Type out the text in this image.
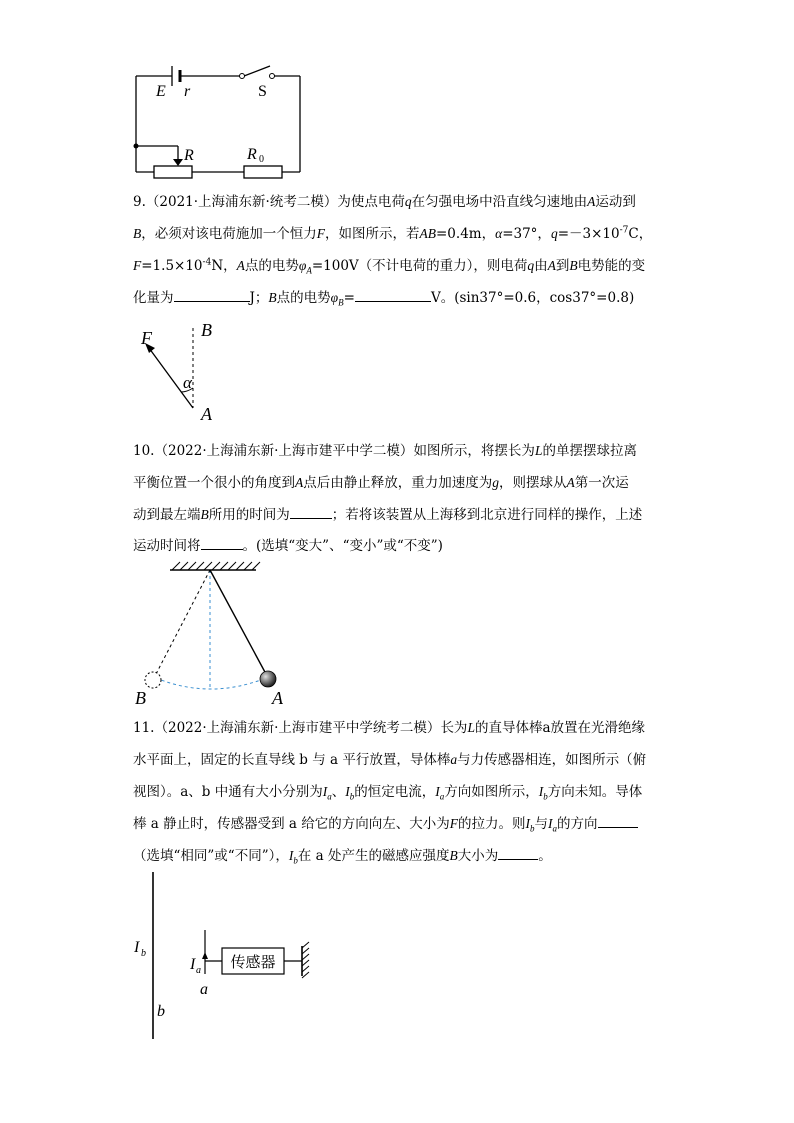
E r	S
R	R 0

9.（2021·上海浦东新·统考二模）为使点电荷q在匀强电场中沿直线匀速地由A运动到

B，必须对该电荷施加一个恒力F，如图所示，若AB=0.4m，α=37°，$q=-3\times 10^{-7}C$，

$F=1.5\times 10^{-4}N$，A点的电势$\varphi_A=100V$（不计电荷的重力），则电荷q由A到B电势能的变

化量为	J；B点的电势$\varphi_B=$	V。(sin37°=0.6，cos37°=0.8)

F	B
α
A

10.（2022·上海浦东新·上海市建平中学二模）如图所示，将摆长为L的单摆摆球拉离

平衡位置一个很小的角度到A点后由静止释放，重力加速度为g，则摆球从A第一次运

动到最左端B所用的时间为	；若将该装置从上海移到北京进行同样的操作，上述

运动时间将	。(选填“变大”、“变小”或“不变”)

B	A

11.（2022·上海浦东新·上海市建平中学统考二模）长为L的直导体棒a放置在光滑绝缘

水平面上，固定的长直导线 b 与 a 平行放置，导体棒a与力传感器相连，如图所示（俯

视图）。a、b 中通有大小分别为$I_a$、$I_b$的恒定电流，$I_a$方向如图所示，$I_b$方向未知。导体

棒 a 静止时，传感器受到 a 给它的方向向左、大小为F的拉力。则$I_b$与$I_a$的方向

（选填“相同”或“不同”），$I_b$在 a 处产生的磁感应强度B大小为	。

传感器
I b
b
I a
a
